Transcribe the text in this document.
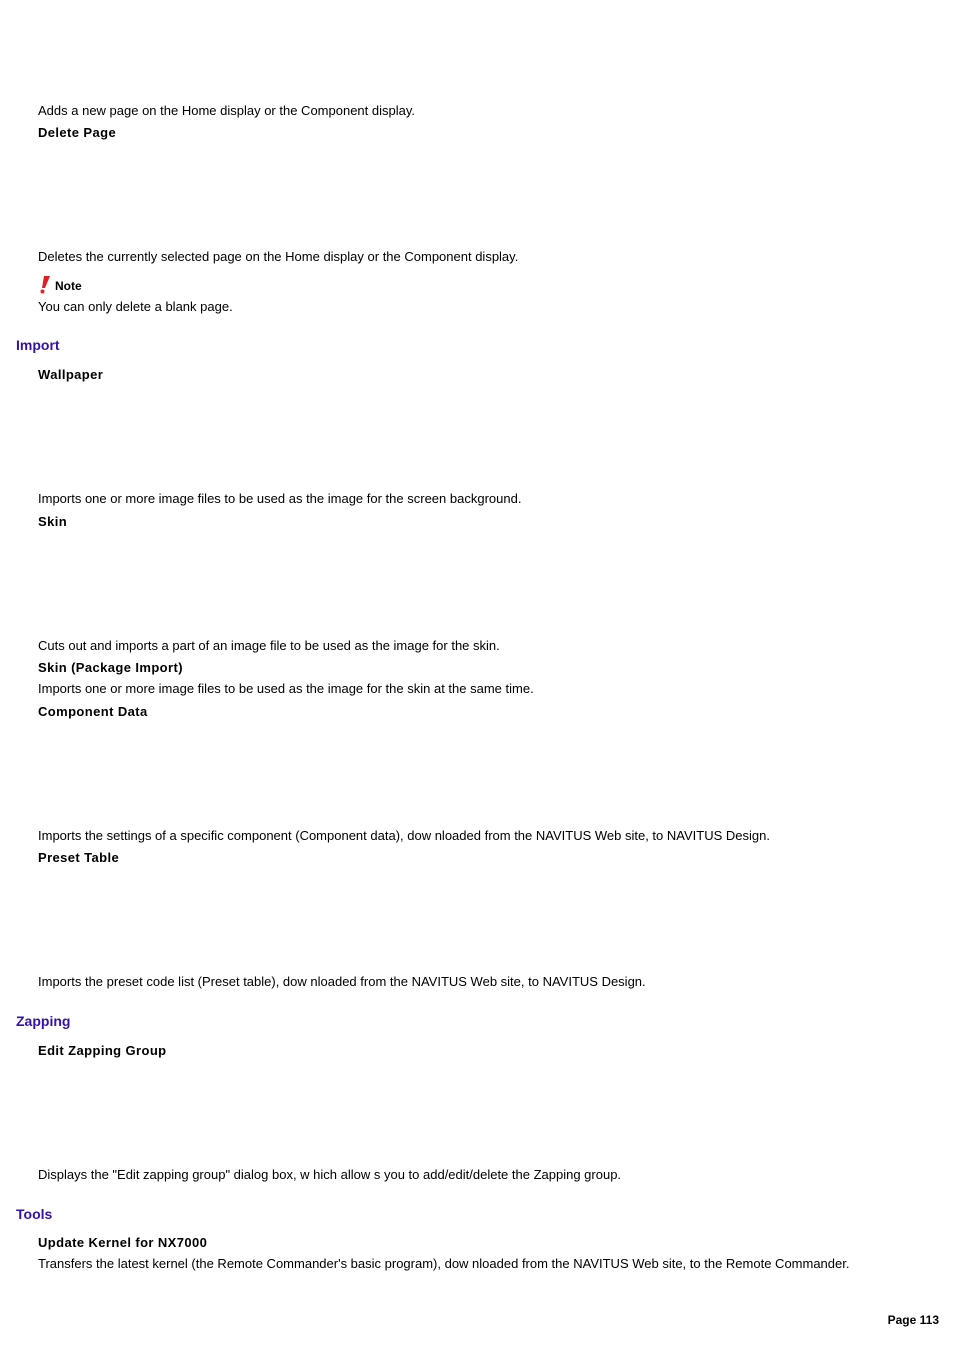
Adds a new page on the Home display or the Component display.
Delete Page
Deletes the currently selected page on the Home display or the Component display.
Note
You can only delete a blank page.
Import
Wallpaper
Imports one or more image files to be used as the image for the screen background.
Skin
Cuts out and imports a part of an image file to be used as the image for the skin.
Skin (Package Import)
Imports one or more image files to be used as the image for the skin at the same time.
Component Data
Imports the settings of a specific component (Component data), dow nloaded from the NAVITUS Web site, to NAVITUS Design.
Preset Table
Imports the preset code list (Preset table), dow nloaded from the NAVITUS Web site, to NAVITUS Design.
Zapping
Edit Zapping Group
Displays the "Edit zapping group" dialog box, w hich allow s you to add/edit/delete the Zapping group.
Tools
Update Kernel for NX7000
Transfers the latest kernel (the Remote Commander's basic program), dow nloaded from the NAVITUS Web site, to the Remote Commander.
Page 113
